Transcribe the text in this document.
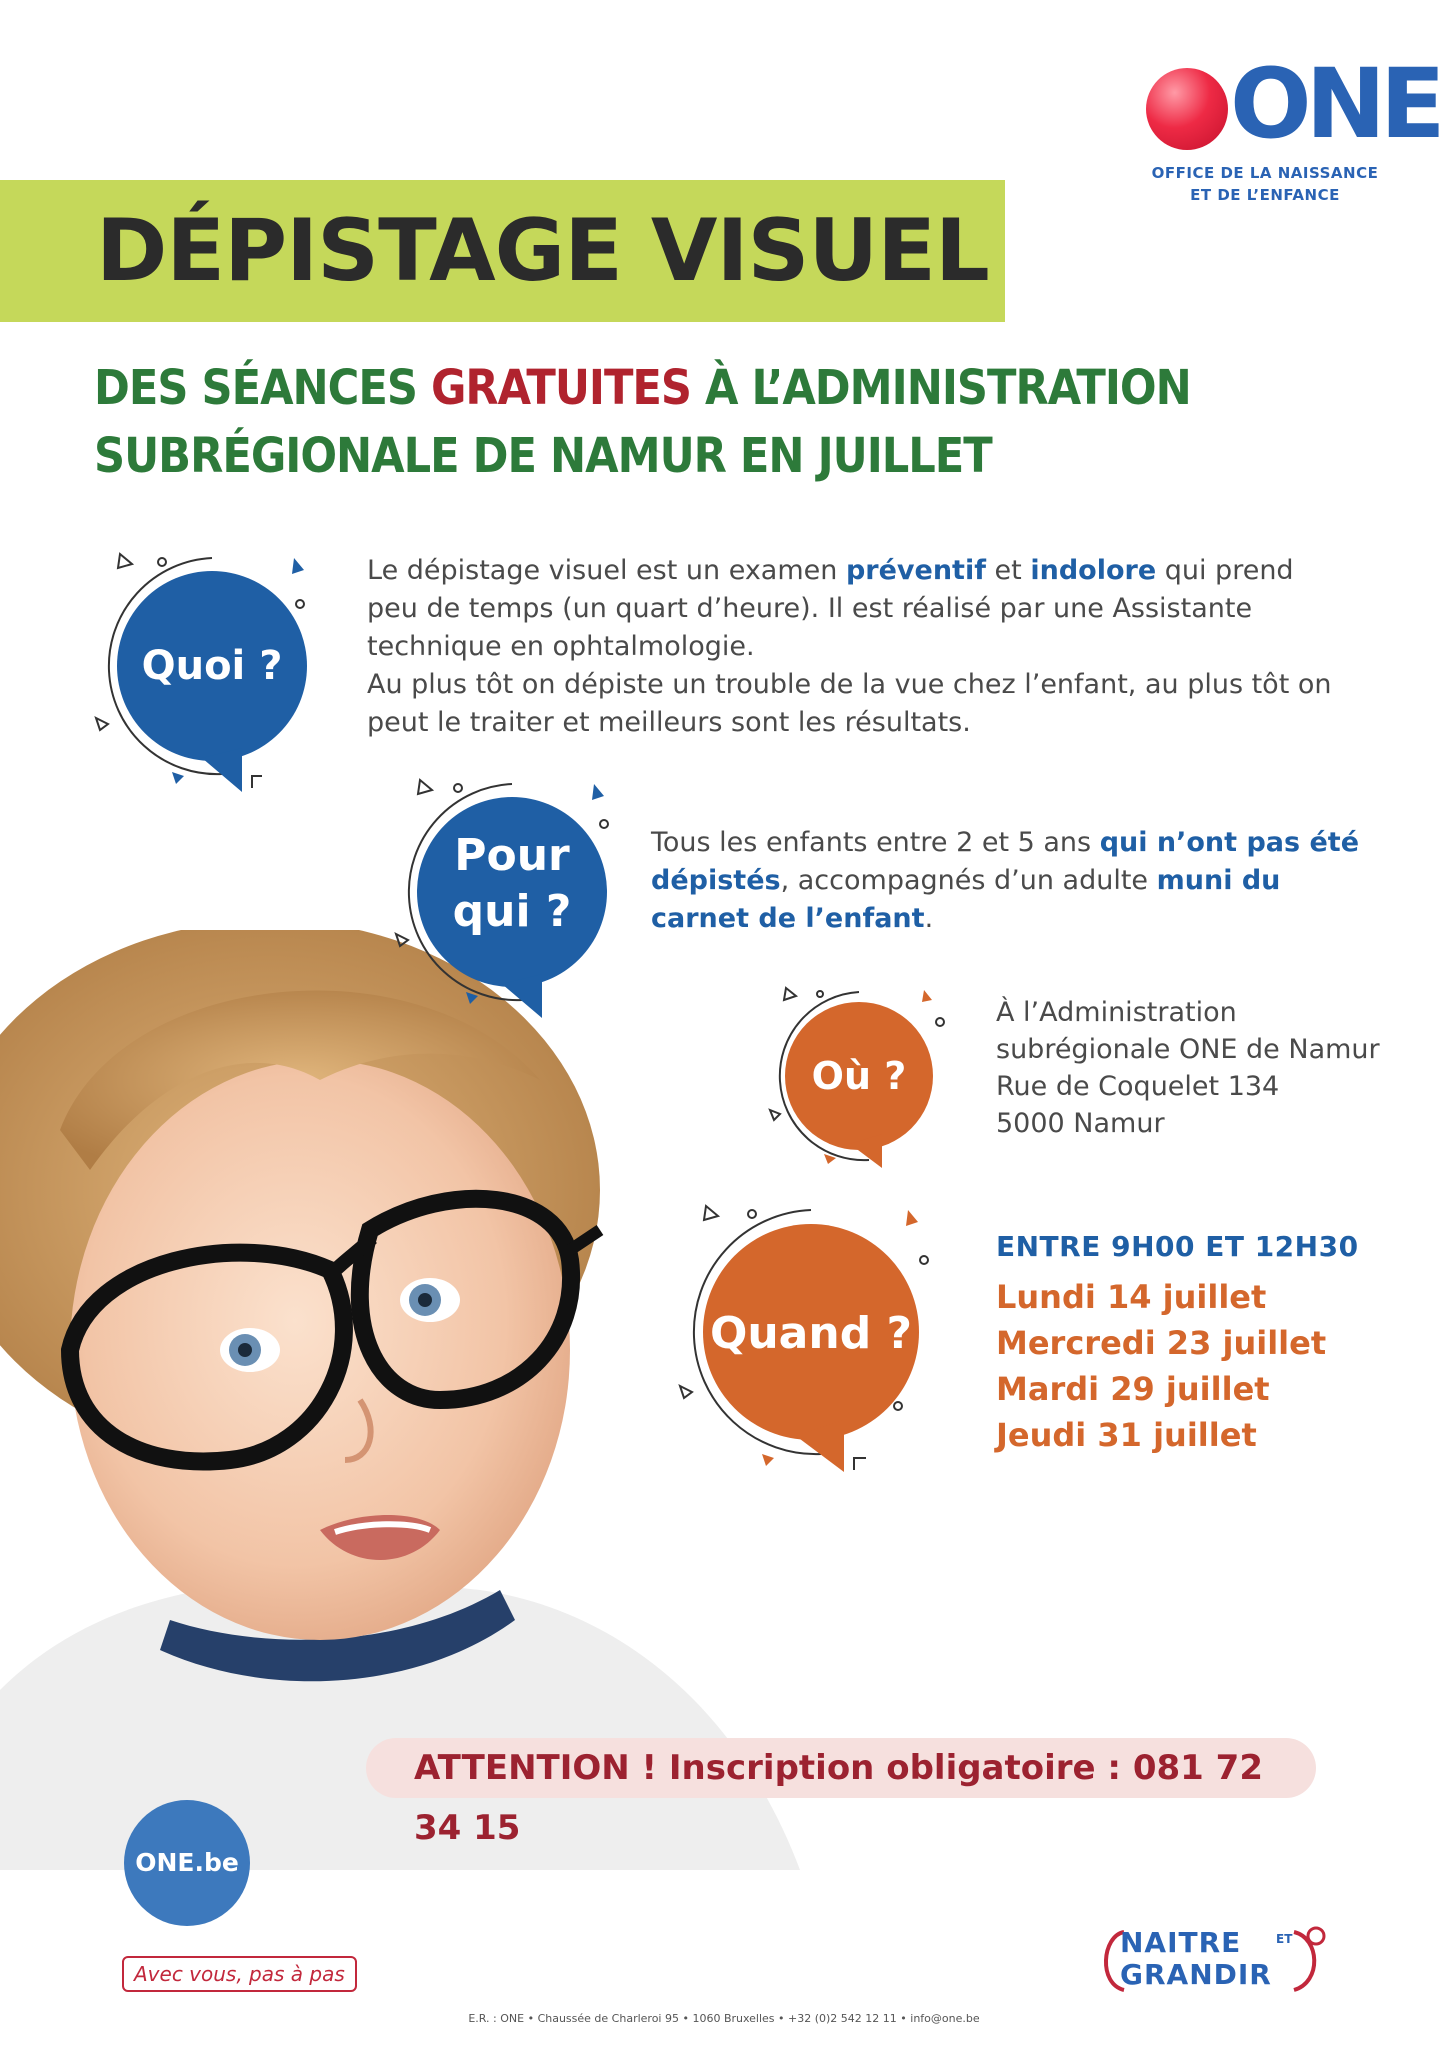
ONE
OFFICE DE LA NAISSANCE
ET DE L’ENFANCE
DÉPISTAGE VISUEL
DES SÉANCES GRATUITES À L’ADMINISTRATION
SUBRÉGIONALE DE NAMUR EN JUILLET
Quoi ?
Le dépistage visuel est un examen préventif et indolore qui prend peu de temps (un quart d’heure). Il est réalisé par une Assistante technique en ophtalmologie.
Au plus tôt on dépiste un trouble de la vue chez l’enfant, au plus tôt on peut le traiter et meilleurs sont les résultats.
Pour
qui ?
Tous les enfants entre 2 et 5 ans qui n’ont pas été dépistés, accompagnés d’un adulte muni du carnet de l’enfant.
Où ?
À l’Administration
subrégionale ONE de Namur
Rue de Coquelet 134
5000 Namur
Quand ?
ENTRE 9H00 ET 12H30
Lundi 14 juillet
Mercredi 23 juillet
Mardi 29 juillet
Jeudi 31 juillet
ATTENTION ! Inscription obligatoire : 081 72 34 15
ONE.be
Avec vous, pas à pas
NAITRE	ET
GRANDIR
E.R. : ONE • Chaussée de Charleroi 95 • 1060 Bruxelles • +32 (0)2 542 12 11 • info@one.be
